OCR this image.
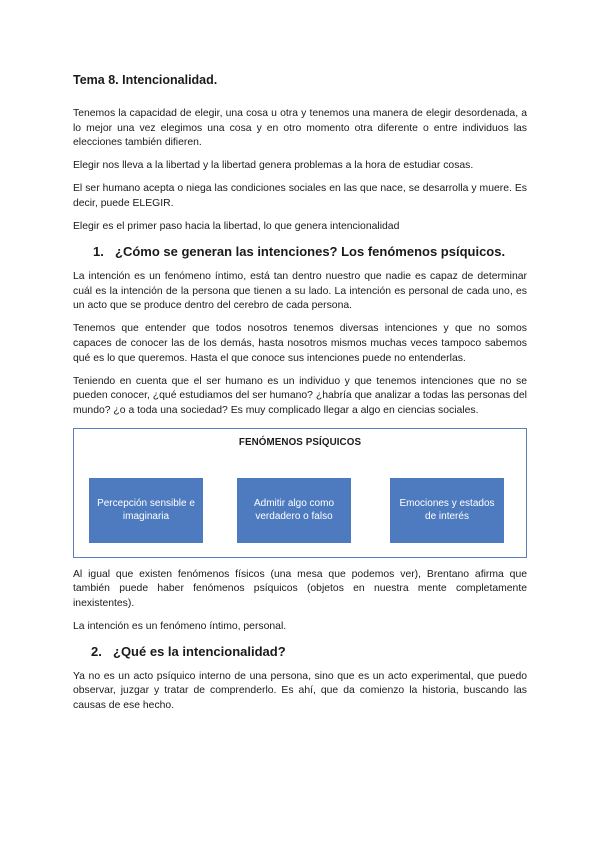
Tema 8. Intencionalidad.

Tenemos la capacidad de elegir, una cosa u otra y tenemos una manera de elegir desordenada, a lo mejor una vez elegimos una cosa y en otro momento otra diferente o entre individuos las elecciones también difieren.

Elegir nos lleva a la libertad y la libertad genera problemas a la hora de estudiar cosas.

El ser humano acepta o niega las condiciones sociales en las que nace, se desarrolla y muere. Es decir, puede ELEGIR.

Elegir es el primer paso hacia la libertad, lo que genera intencionalidad

1. ¿Cómo se generan las intenciones? Los fenómenos psíquicos.

La intención es un fenómeno íntimo, está tan dentro nuestro que nadie es capaz de determinar cuál es la intención de la persona que tienen a su lado. La intención es personal de cada uno, es un acto que se produce dentro del cerebro de cada persona.

Tenemos que entender que todos nosotros tenemos diversas intenciones y que no somos capaces de conocer las de los demás, hasta nosotros mismos muchas veces tampoco sabemos qué es lo que queremos. Hasta el que conoce sus intenciones puede no entenderlas.

Teniendo en cuenta que el ser humano es un individuo y que tenemos intenciones que no se pueden conocer, ¿qué estudiamos del ser humano? ¿habría que analizar a todas las personas del mundo? ¿o a toda una sociedad? Es muy complicado llegar a algo en ciencias sociales.

FENÓMENOS PSÍQUICOS
Percepción sensible e imaginaria
Admitir algo como verdadero o falso
Emociones y estados de interés

Al igual que existen fenómenos físicos (una mesa que podemos ver), Brentano afirma que también puede haber fenómenos psíquicos (objetos en nuestra mente completamente inexistentes).

La intención es un fenómeno íntimo, personal.

2. ¿Qué es la intencionalidad?

Ya no es un acto psíquico interno de una persona, sino que es un acto experimental, que puedo observar, juzgar y tratar de comprenderlo. Es ahí, que da comienzo la historia, buscando las causas de ese hecho.
